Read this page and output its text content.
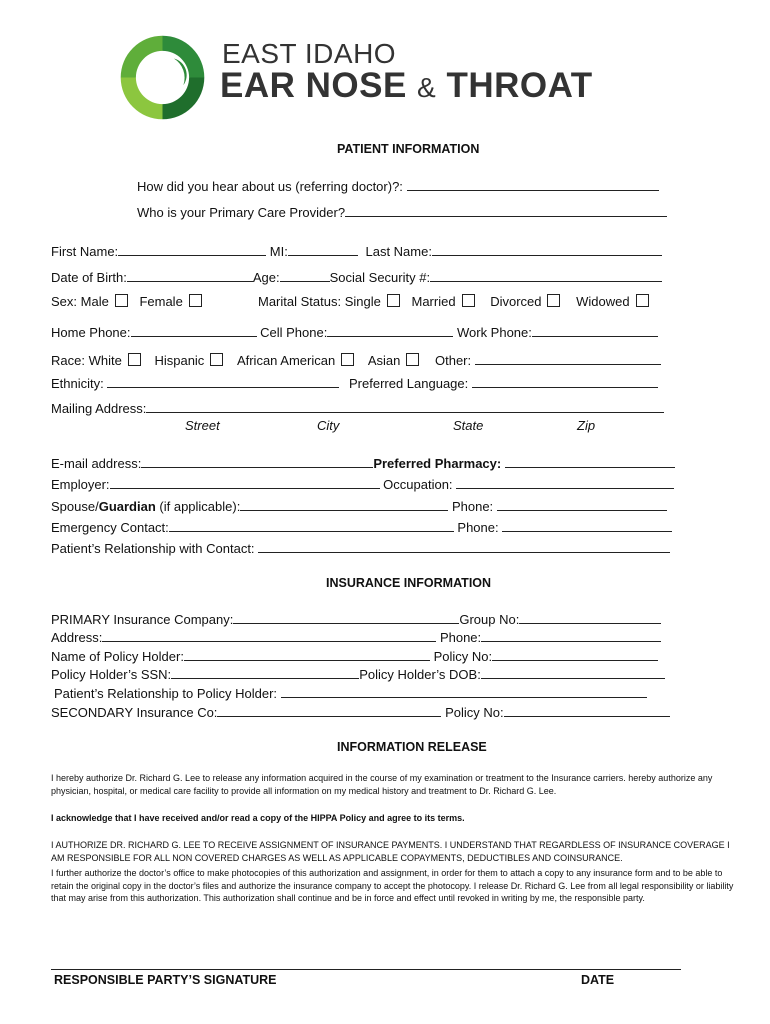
EAST IDAHO
EAR NOSE & THROAT
PATIENT INFORMATION
How did you hear about us (referring doctor)?:
Who is your Primary Care Provider?
First Name:	MI:	Last Name:
Date of Birth:	Age:	Social Security #:
Sex: Male Female	Marital Status: Single Married	Divorced	Widowed
Home Phone:	Cell Phone:	Work Phone:
Race: White	Hispanic	African American	Asian	Other:
Ethnicity:	Preferred Language:
Mailing Address:
Street	City	State	Zip
E-mail address:	Preferred Pharmacy:
Employer:	Occupation:
Spouse/Guardian (if applicable):	Phone:
Emergency Contact:	Phone:
Patient’s Relationship with Contact:
INSURANCE INFORMATION
PRIMARY Insurance Company:	Group No:
Address:	Phone:
Name of Policy Holder:	Policy No:
Policy Holder’s SSN:	Policy Holder’s DOB:
Patient’s Relationship to Policy Holder:
SECONDARY Insurance Co:	Policy No:
INFORMATION RELEASE
I hereby authorize Dr. Richard G. Lee to release any information acquired in the course of my examination or treatment to the Insurance carriers. hereby authorize any physician, hospital, or medical care facility to provide all information on my medical history and treatment to Dr. Richard G. Lee.
I acknowledge that I have received and/or read a copy of the HIPPA Policy and agree to its terms.
I AUTHORIZE DR. RICHARD G. LEE TO RECEIVE ASSIGNMENT OF INSURANCE PAYMENTS. I UNDERSTAND THAT REGARDLESS OF INSURANCE COVERAGE I AM RESPONSIBLE FOR ALL NON COVERED CHARGES AS WELL AS APPLICABLE COPAYMENTS, DEDUCTIBLES AND COINSURANCE.
I further authorize the doctor’s office to make photocopies of this authorization and assignment, in order for them to attach a copy to any insurance form and to be able to retain the original copy in the doctor’s files and authorize the insurance company to accept the photocopy. I release Dr. Richard G. Lee from all legal responsibility or liability that may arise from this authorization. This authorization shall continue and be in force and effect until revoked in writing by me, the responsible party.
RESPONSIBLE PARTY’S SIGNATURE	DATE
